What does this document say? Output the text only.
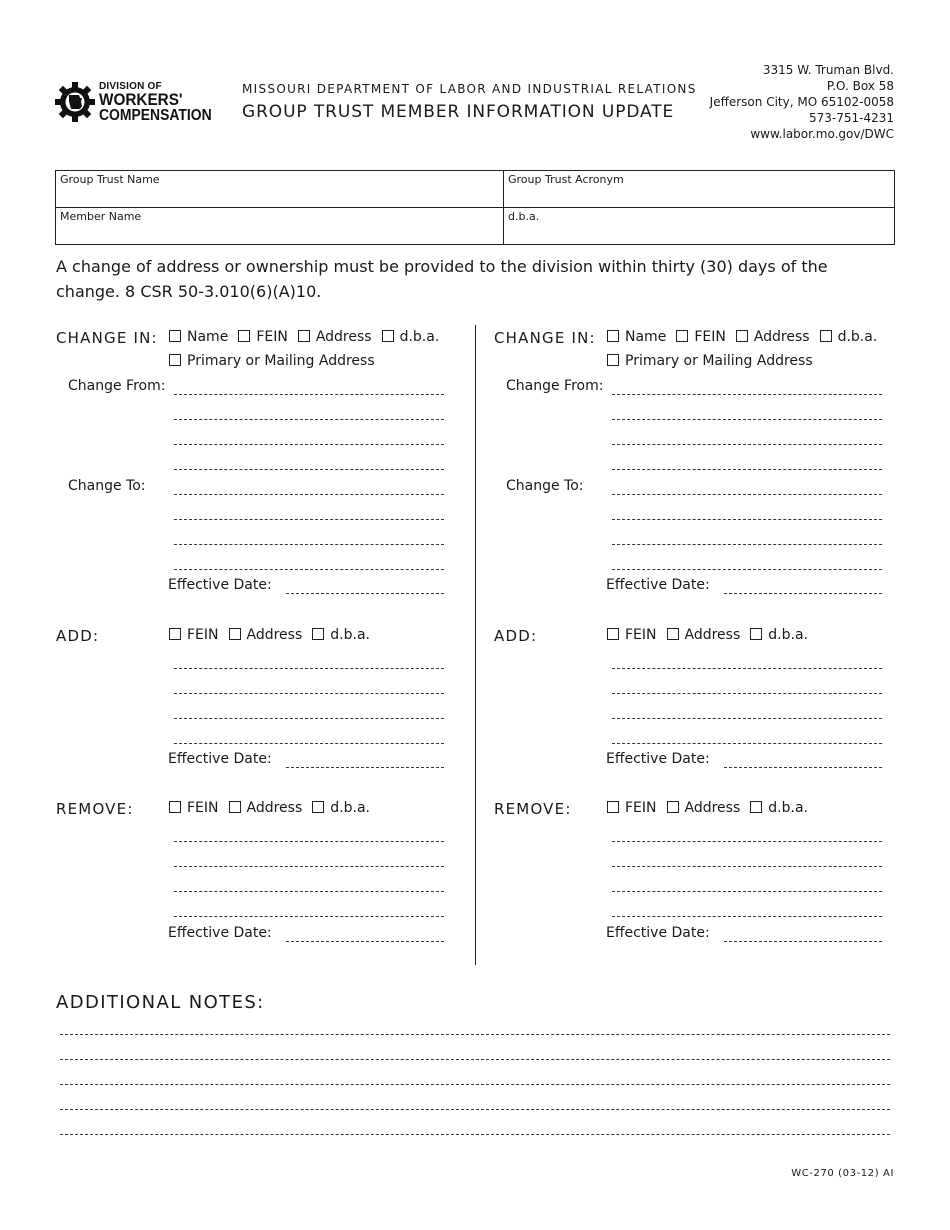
DIVISION OF
WORKERS'
COMPENSATION
MISSOURI DEPARTMENT OF LABOR AND INDUSTRIAL RELATIONS
GROUP TRUST MEMBER INFORMATION UPDATE
3315 W. Truman Blvd.
P.O. Box 58
Jefferson City, MO 65102-0058
573-751-4231
www.labor.mo.gov/DWC
Group Trust Name	Group Trust Acronym
Member Name	d.b.a.
A change of address or ownership must be provided to the division within thirty (30) days of the change. 8 CSR 50-3.010(6)(A)10.
CHANGE IN:	Name FEIN Address d.b.a.
Primary or Mailing Address
Change From:
Change To:
Effective Date:
ADD:	FEIN Address d.b.a.
Effective Date:
REMOVE:	FEIN Address d.b.a.
Effective Date:
CHANGE IN:	Name FEIN Address d.b.a.
Primary or Mailing Address
Change From:
Change To:
Effective Date:
ADD:	FEIN Address d.b.a.
Effective Date:
REMOVE:	FEIN Address d.b.a.
Effective Date:
ADDITIONAL NOTES:
WC-270 (03-12) AI
